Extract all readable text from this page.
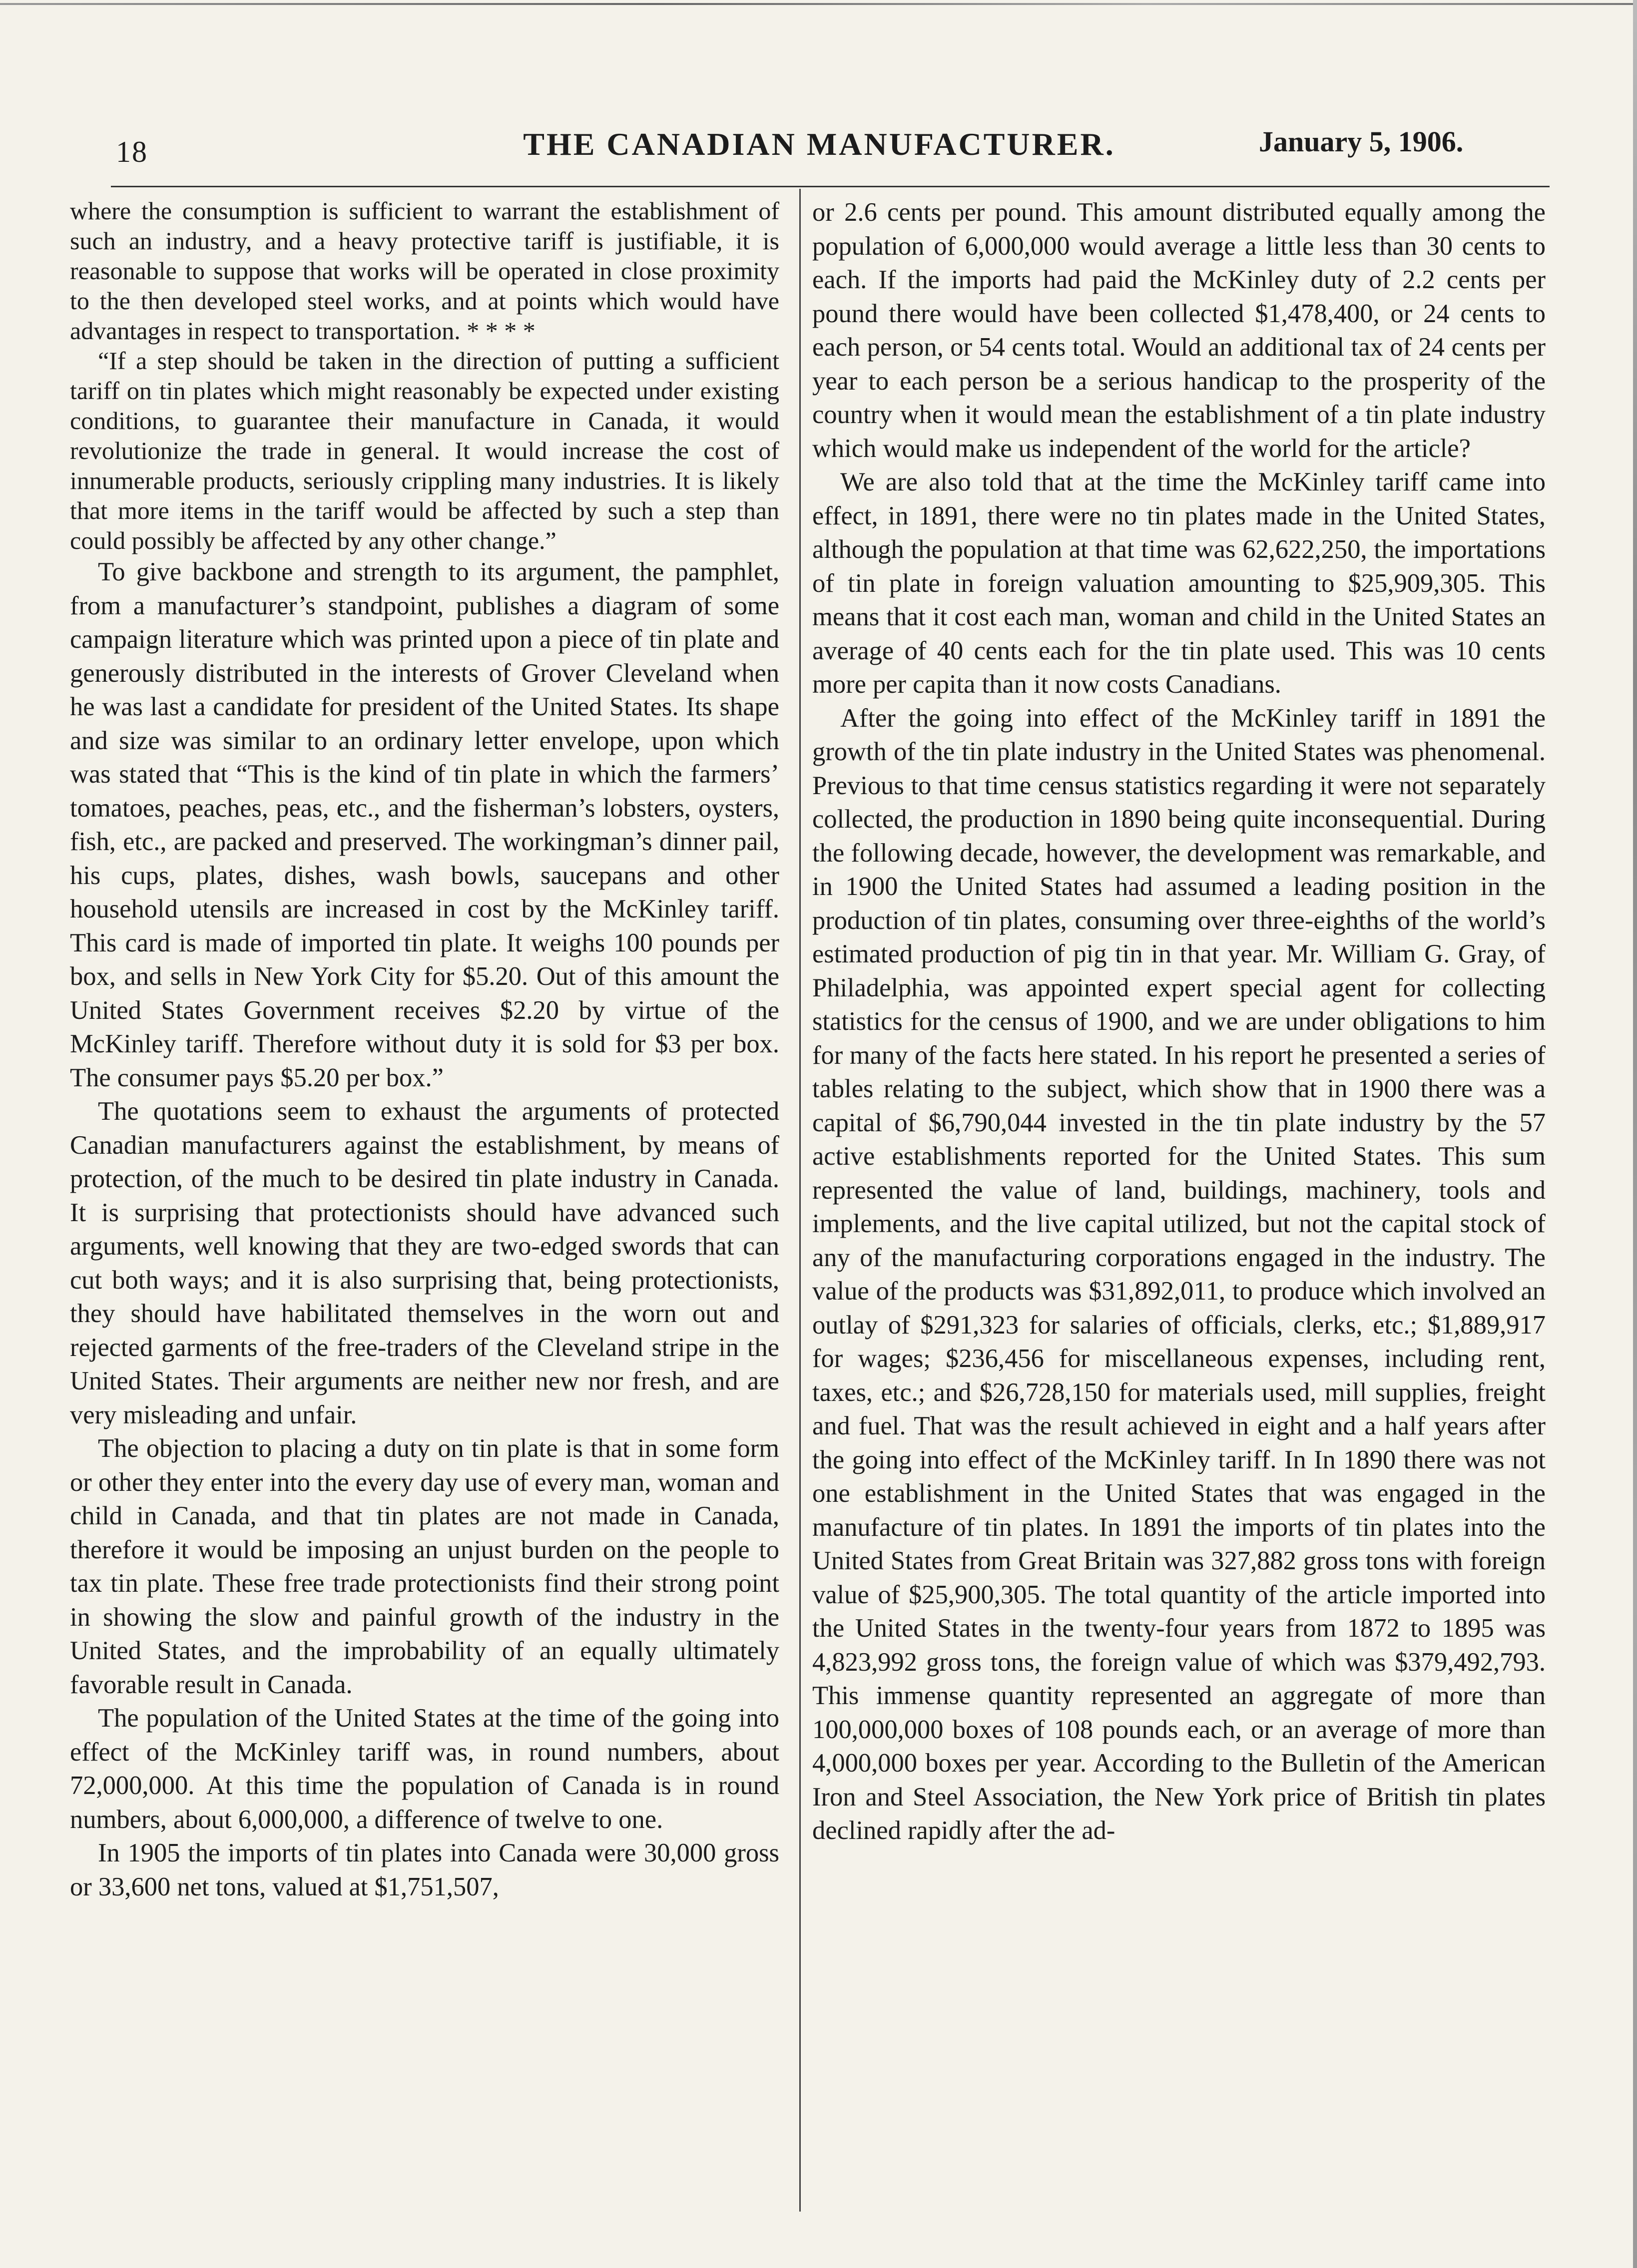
18	THE CANADIAN MANUFACTURER.	January 5, 1906.

where the consumption is sufficient to warrant the establishment of such an industry, and a heavy protective tariff is justifiable, it is reasonable to suppose that works will be operated in close proximity to the then developed steel works, and at points which would have advantages in respect to transportation. * * * *

“If a step should be taken in the direction of putting a sufficient tariff on tin plates which might reasonably be expected under existing conditions, to guarantee their manufacture in Canada, it would revolutionize the trade in general. It would increase the cost of innumerable products, seriously crippling many industries. It is likely that more items in the tariff would be affected by such a step than could possibly be affected by any other change.”

To give backbone and strength to its argument, the pamphlet, from a manufacturer’s standpoint, publishes a diagram of some campaign literature which was printed upon a piece of tin plate and generously distributed in the interests of Grover Cleveland when he was last a candidate for president of the United States. Its shape and size was similar to an ordinary letter envelope, upon which was stated that “This is the kind of tin plate in which the farmers’ tomatoes, peaches, peas, etc., and the fisherman’s lobsters, oysters, fish, etc., are packed and preserved. The workingman’s dinner pail, his cups, plates, dishes, wash bowls, saucepans and other household utensils are increased in cost by the McKinley tariff. This card is made of imported tin plate. It weighs 100 pounds per box, and sells in New York City for $5.20. Out of this amount the United States Government receives $2.20 by virtue of the McKinley tariff. Therefore without duty it is sold for $3 per box. The consumer pays $5.20 per box.”

The quotations seem to exhaust the arguments of protected Canadian manufacturers against the establishment, by means of protection, of the much to be desired tin plate industry in Canada. It is surprising that protectionists should have advanced such arguments, well knowing that they are two-edged swords that can cut both ways; and it is also surprising that, being protectionists, they should have habilitated themselves in the worn out and rejected garments of the free-traders of the Cleveland stripe in the United States. Their arguments are neither new nor fresh, and are very misleading and unfair.

The objection to placing a duty on tin plate is that in some form or other they enter into the every day use of every man, woman and child in Canada, and that tin plates are not made in Canada, therefore it would be imposing an unjust burden on the people to tax tin plate. These free trade protectionists find their strong point in showing the slow and painful growth of the industry in the United States, and the improbability of an equally ultimately favorable result in Canada.

The population of the United States at the time of the going into effect of the McKinley tariff was, in round numbers, about 72,000,000. At this time the population of Canada is in round numbers, about 6,000,000, a difference of twelve to one.

In 1905 the imports of tin plates into Canada were 30,000 gross or 33,600 net tons, valued at $1,751,507,

or 2.6 cents per pound. This amount distributed equally among the population of 6,000,000 would average a little less than 30 cents to each. If the imports had paid the McKinley duty of 2.2 cents per pound there would have been collected $1,478,400, or 24 cents to each person, or 54 cents total. Would an additional tax of 24 cents per year to each person be a serious handicap to the prosperity of the country when it would mean the establishment of a tin plate industry which would make us independent of the world for the article?

We are also told that at the time the McKinley tariff came into effect, in 1891, there were no tin plates made in the United States, although the population at that time was 62,622,250, the importations of tin plate in foreign valuation amounting to $25,909,305. This means that it cost each man, woman and child in the United States an average of 40 cents each for the tin plate used. This was 10 cents more per capita than it now costs Canadians.

After the going into effect of the McKinley tariff in 1891 the growth of the tin plate industry in the United States was phenomenal. Previous to that time census statistics regarding it were not separately collected, the production in 1890 being quite inconsequential. During the following decade, however, the development was remarkable, and in 1900 the United States had assumed a leading position in the production of tin plates, consuming over three-eighths of the world’s estimated production of pig tin in that year. Mr. William G. Gray, of Philadelphia, was appointed expert special agent for collecting statistics for the census of 1900, and we are under obligations to him for many of the facts here stated. In his report he presented a series of tables relating to the subject, which show that in 1900 there was a capital of $6,790,044 invested in the tin plate industry by the 57 active establishments reported for the United States. This sum represented the value of land, buildings, machinery, tools and implements, and the live capital utilized, but not the capital stock of any of the manufacturing corporations engaged in the industry. The value of the products was $31,892,011, to produce which involved an outlay of $291,323 for salaries of officials, clerks, etc.; $1,889,917 for wages; $236,456 for miscellaneous expenses, including rent, taxes, etc.; and $26,728,150 for materials used, mill supplies, freight and fuel. That was the result achieved in eight and a half years after the going into effect of the McKinley tariff. In In 1890 there was not one establishment in the United States that was engaged in the manufacture of tin plates. In 1891 the imports of tin plates into the United States from Great Britain was 327,882 gross tons with foreign value of $25,900,305. The total quantity of the article imported into the United States in the twenty-four years from 1872 to 1895 was 4,823,992 gross tons, the foreign value of which was $379,492,793. This immense quantity represented an aggregate of more than 100,000,000 boxes of 108 pounds each, or an average of more than 4,000,000 boxes per year. According to the Bulletin of the American Iron and Steel Association, the New York price of British tin plates declined rapidly after the ad-
